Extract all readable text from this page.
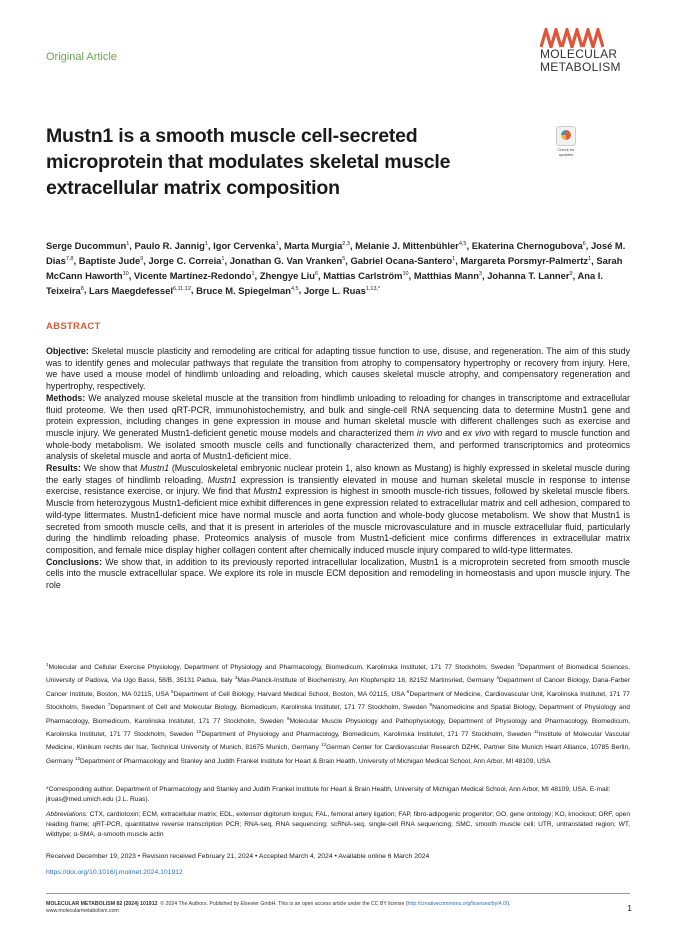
Original Article	MOLECULAR
METABOLISM
Mustn1 is a smooth muscle cell-secreted microprotein that modulates skeletal muscle extracellular matrix composition
Check for
updates
Serge Ducommun$^1$, Paulo R. Jannig$^1$, Igor Cervenka$^1$, Marta Murgia$^{2,3}$, Melanie J. Mittenbühler$^{4,5}$, Ekaterina Chernogubova$^6$, José M. Dias$^{7,8}$, Baptiste Jude$^9$, Jorge C. Correia$^1$, Jonathan G. Van Vranken$^5$, Gabriel Ocana-Santero$^1$, Margareta Porsmyr-Palmertz$^1$, Sarah McCann Haworth$^{10}$, Vicente Martínez-Redondo$^1$, Zhengye Liu$^6$, Mattias Carlström$^{10}$, Matthias Mann$^3$, Johanna T. Lanner$^9$, Ana I. Teixeira$^8$, Lars Maegdefessel$^{6,11,12}$, Bruce M. Spiegelman$^{4,5}$, Jorge L. Ruas$^{1,13,*}$
ABSTRACT

Objective: Skeletal muscle plasticity and remodeling are critical for adapting tissue function to use, disuse, and regeneration. The aim of this study was to identify genes and molecular pathways that regulate the transition from atrophy to compensatory hypertrophy or recovery from injury. Here, we have used a mouse model of hindlimb unloading and reloading, which causes skeletal muscle atrophy, and compensatory regeneration and hypertrophy, respectively.

Methods: We analyzed mouse skeletal muscle at the transition from hindlimb unloading to reloading for changes in transcriptome and extracellular fluid proteome. We then used qRT-PCR, immunohistochemistry, and bulk and single-cell RNA sequencing data to determine Mustn1 gene and protein expression, including changes in gene expression in mouse and human skeletal muscle with different challenges such as exercise and muscle injury. We generated Mustn1-deficient genetic mouse models and characterized them in vivo and ex vivo with regard to muscle function and whole-body metabolism. We isolated smooth muscle cells and functionally characterized them, and performed transcriptomics and proteomics analysis of skeletal muscle and aorta of Mustn1-deficient mice.

Results: We show that Mustn1 (Musculoskeletal embryonic nuclear protein 1, also known as Mustang) is highly expressed in skeletal muscle during the early stages of hindlimb reloading. Mustn1 expression is transiently elevated in mouse and human skeletal muscle in response to intense exercise, resistance exercise, or injury. We find that Mustn1 expression is highest in smooth muscle-rich tissues, followed by skeletal muscle fibers. Muscle from heterozygous Mustn1-deficient mice exhibit differences in gene expression related to extracellular matrix and cell adhesion, compared to wild-type littermates. Mustn1-deficient mice have normal muscle and aorta function and whole-body glucose metabolism. We show that Mustn1 is secreted from smooth muscle cells, and that it is present in arterioles of the muscle microvasculature and in muscle extracellular fluid, particularly during the hindlimb reloading phase. Proteomics analysis of muscle from Mustn1-deficient mice confirms differences in extracellular matrix composition, and female mice display higher collagen content after chemically induced muscle injury compared to wild-type littermates.

Conclusions: We show that, in addition to its previously reported intracellular localization, Mustn1 is a microprotein secreted from smooth muscle cells into the muscle extracellular space. We explore its role in muscle ECM deposition and remodeling in homeostasis and upon muscle injury. The role

$^1$Molecular and Cellular Exercise Physiology, Department of Physiology and Pharmacology, Biomedicum, Karolinska Institutet, 171 77 Stockholm, Sweden $^2$Department of Biomedical Sciences, University of Padova, Via Ugo Bassi, 58/B, 35131 Padua, Italy $^3$Max-Planck-Institute of Biochemistry, Am Klopferspitz 18, 82152 Martinsried, Germany $^4$Department of Cancer Biology, Dana-Farber Cancer Institute, Boston, MA 02115, USA $^5$Department of Cell Biology, Harvard Medical School, Boston, MA 02115, USA $^6$Department of Medicine, Cardiovascular Unit, Karolinska Institutet, 171 77 Stockholm, Sweden $^7$Department of Cell and Molecular Biology, Biomedicum, Karolinska Institutet, 171 77 Stockholm, Sweden $^8$Nanomedicine and Spatial Biology, Department of Physiology and Pharmacology, Biomedicum, Karolinska Institutet, 171 77 Stockholm, Sweden $^9$Molecular Muscle Physiology and Pathophysiology, Department of Physiology and Pharmacology, Biomedicum, Karolinska Institutet, 171 77 Stockholm, Sweden $^{10}$Department of Physiology and Pharmacology, Biomedicum, Karolinska Institutet, 171 77 Stockholm, Sweden $^{11}$Institute of Molecular Vascular Medicine, Klinikum rechts der Isar, Technical University of Munich, 81675 Munich, Germany $^{12}$German Center for Cardiovascular Research DZHK, Partner Site Munich Heart Alliance, 10785 Berlin, Germany $^{13}$Department of Pharmacology and Stanley and Judith Frankel Institute for Heart & Brain Health, University of Michigan Medical School, Ann Arbor, MI 48109, USA
*Corresponding author. Department of Pharmacology and Stanley and Judith Frankel Institute for Heart & Brain Health, University of Michigan Medical School, Ann Arbor, MI 48109, USA. E-mail: jlruas@med.umich.edu (J.L. Ruas).
Abbreviations: CTX, cardiotoxin; ECM, extracellular matrix; EDL, extensor digitorum longus; FAL, femoral artery ligation; FAP, fibro-adipogenic progenitor; GO, gene ontology; KO, knockout; ORF, open reading frame; qRT-PCR, quantitative reverse transcription PCR; RNA-seq, RNA sequencing; scRNA-seq, single-cell RNA sequencing; SMC, smooth muscle cell; UTR, untranslated region; WT, wildtype; α-SMA, α-smooth muscle actin
Received December 19, 2023 • Revision received February 21, 2024 • Accepted March 4, 2024 • Available online 6 March 2024
https://doi.org/10.1016/j.molmet.2024.101912
MOLECULAR METABOLISM 82 (2024) 101912 © 2024 The Authors. Published by Elsevier GmbH. This is an open access article under the CC BY license (http://creativecommons.org/licenses/by/4.0/).
www.molecularmetabolism.com	1
